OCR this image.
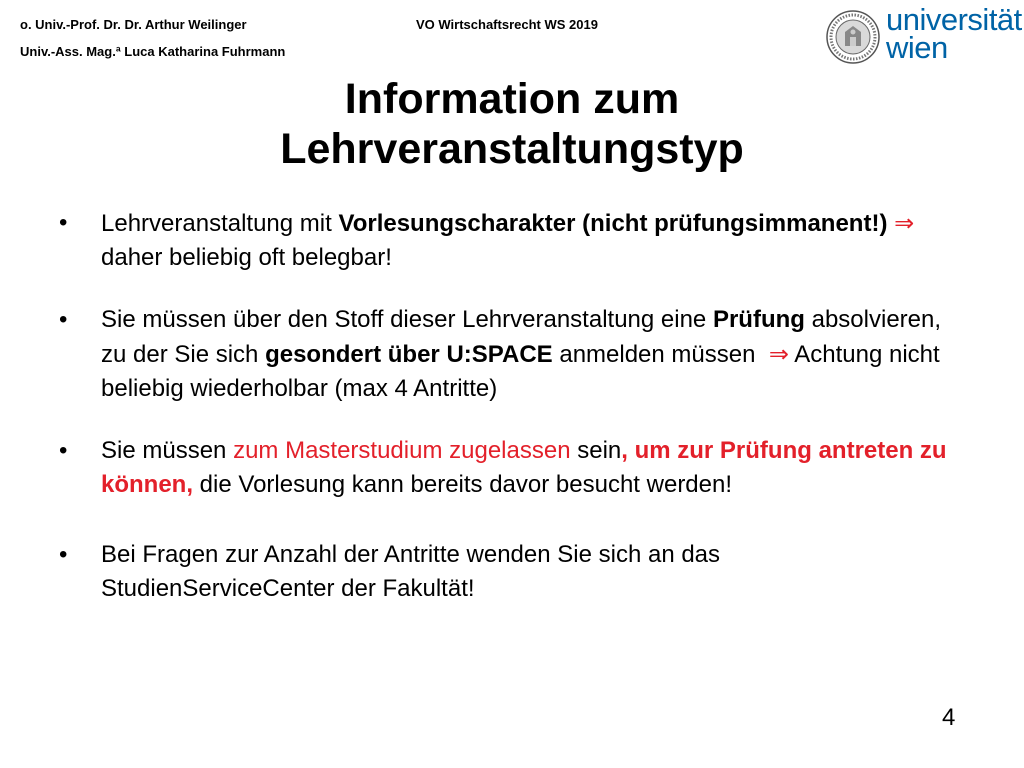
o. Univ.-Prof. Dr. Dr. Arthur Weilinger	VO Wirtschaftsrecht WS 2019
Univ.-Ass. Mag.ª Luca Katharina Fuhrmann
universität
wien
Information zum
Lehrveranstaltungstyp
• Lehrveranstaltung mit Vorlesungscharakter (nicht prüfungsimmanent!) ⇒ daher beliebig oft belegbar!
• Sie müssen über den Stoff dieser Lehrveranstaltung eine Prüfung absolvieren, zu der Sie sich gesondert über U:SPACE anmelden müssen ⇒ Achtung nicht beliebig wiederholbar (max 4 Antritte)
• Sie müssen zum Masterstudium zugelassen sein, um zur Prüfung antreten zu können, die Vorlesung kann bereits davor besucht werden!
• Bei Fragen zur Anzahl der Antritte wenden Sie sich an das StudienServiceCenter der Fakultät!
4
